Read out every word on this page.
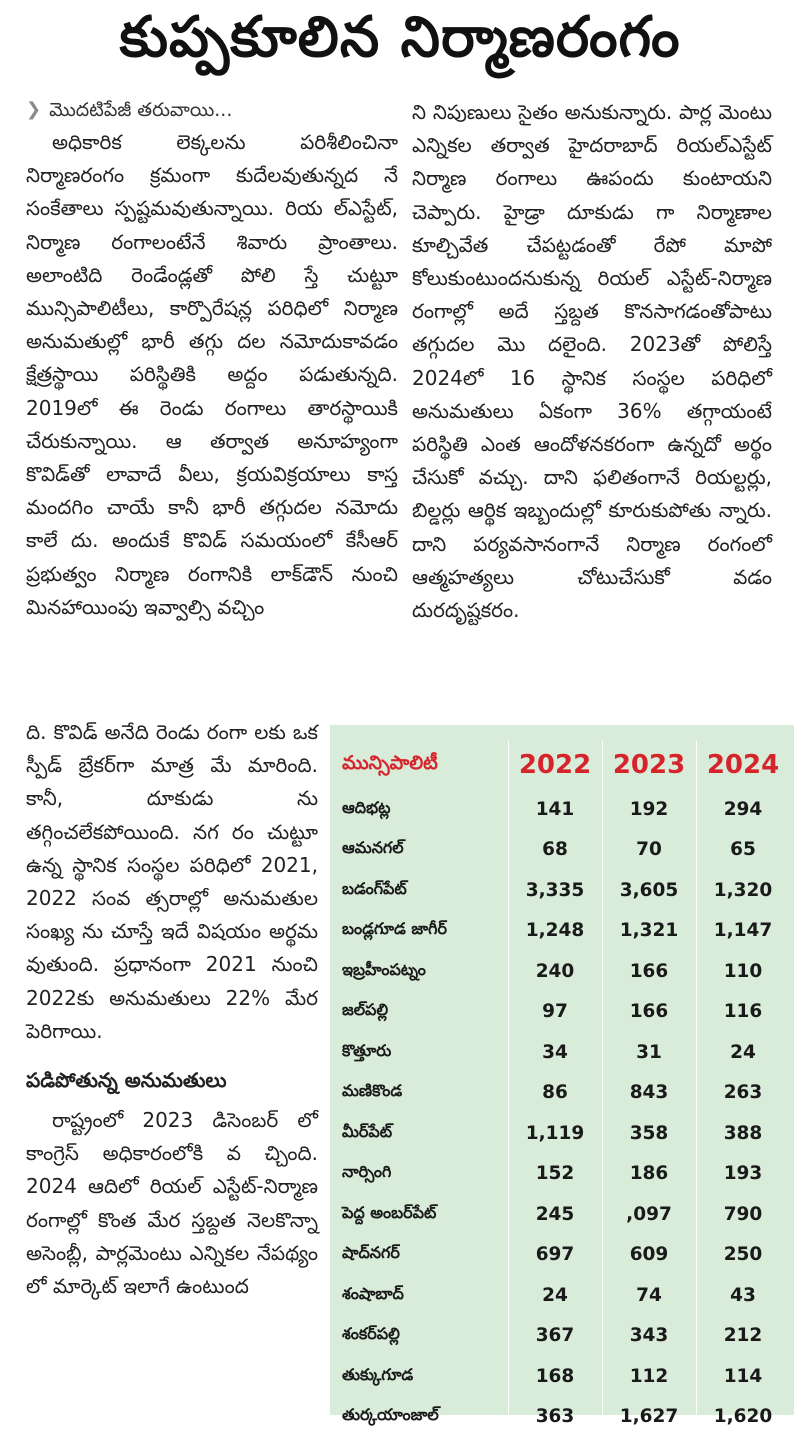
కుప్పకూలిన నిర్మాణరంగం
❯ మొదటిపేజీ తరువాయి...

అధికారిక లెక్కలను పరిశీలించినా నిర్మాణరంగం క్రమంగా కుదేలవుతున్నద నే సంకేతాలు స్పష్టమవుతున్నాయి. రియ ల్‌ఎస్టేట్, నిర్మాణ రంగాలంటేనే శివారు ప్రాంతాలు. అలాంటిది రెండేండ్లతో పోలి స్తే చుట్టూ మున్సిపాలిటీలు, కార్పొరేషన్ల పరిధిలో నిర్మాణ అనుమతుల్లో భారీ తగ్గు దల నమోదుకావడం క్షేత్రస్థాయి పరిస్థితికి అద్దం పడుతున్నది. 2019లో ఈ రెండు రంగాలు తారస్థాయికి చేరుకున్నాయి. ఆ తర్వాత అనూహ్యంగా కొవిడ్‌తో లావాదే వీలు, క్రయవిక్రయాలు కాస్త మందగిం చాయే కానీ భారీ తగ్గుదల నమోదు కాలే దు. అందుకే కొవిడ్ సమయంలో కేసీఆర్ ప్రభుత్వం నిర్మాణ రంగానికి లాక్‌డౌన్ నుంచి మినహాయింపు ఇవ్వాల్సి వచ్చిం

ది. కొవిడ్ అనేది రెండు రంగా లకు ఒక స్పీడ్ బ్రేకర్‌గా మాత్ర మే మారింది. కానీ, దూకుడు ను తగ్గించలేకపోయింది. నగ రం చుట్టూ ఉన్న స్థానిక సంస్థల పరిధిలో 2021, 2022 సంవ త్సరాల్లో అనుమతుల సంఖ్య ను చూస్తే ఇదే విషయం అర్థమ వుతుంది. ప్రధానంగా 2021 నుంచి 2022కు అనుమతులు 22% మేర పెరిగాయి.

పడిపోతున్న అనుమతులు

రాష్ట్రంలో 2023 డిసెంబర్ లో కాంగ్రెస్ అధికారంలోకి వ చ్చింది. 2024 ఆదిలో రియల్ ఎస్టేట్-నిర్మాణ రంగాల్లో కొంత మేర స్తబ్దత నెలకొన్నా అసెంబ్లీ, పార్లమెంటు ఎన్నికల నేపథ్యం లో మార్కెట్ ఇలాగే ఉంటుంద

ని నిపుణులు సైతం అనుకున్నారు. పార్ల మెంటు ఎన్నికల తర్వాత హైదరాబాద్ రియల్‌ఎస్టేట్ నిర్మాణ రంగాలు ఊపందు కుంటాయని చెప్పారు. హైడ్రా దూకుడు గా నిర్మాణాల కూల్చివేత చేపట్టడంతో రేపో మాపో కోలుకుంటుందనుకున్న రియల్ ఎస్టేట్-నిర్మాణ రంగాల్లో అదే స్తబ్దత కొనసాగడంతోపాటు తగ్గుదల మొ దలైంది. 2023తో పోలిస్తే 2024లో 16 స్థానిక సంస్థల పరిధిలో అనుమతులు ఏకంగా 36% తగ్గాయంటే పరిస్థితి ఎంత ఆందోళనకరంగా ఉన్నదో అర్థం చేసుకో వచ్చు. దాని ఫలితంగానే రియల్టర్లు, బిల్డర్లు ఆర్థిక ఇబ్బందుల్లో కూరుకుపోతు న్నారు. దాని పర్యవసానంగానే నిర్మాణ రంగంలో ఆత్మహత్యలు చోటుచేసుకో వడం దురదృష్టకరం.

మున్సిపాలిటీ	2022	2023	2024
ఆదిభట్ల	141	192	294
ఆమనగల్	68	70	65
బడంగ్‌పేట్	3,335	3,605	1,320
బండ్లగూడ జాగీర్	1,248	1,321	1,147
ఇబ్రహీంపట్నం	240	166	110
జల్‌పల్లి	97	166	116
కొత్తూరు	34	31	24
మణికొండ	86	843	263
మీర్‌పేట్	1,119	358	388
నార్సింగి	152	186	193
పెద్ద అంబర్‌పేట్	245	,097	790
షాద్‌నగర్	697	609	250
శంషాబాద్	24	74	43
శంకర్‌పల్లి	367	343	212
తుక్కుగూడ	168	112	114
తుర్కయాంజాల్	363	1,627	1,620
